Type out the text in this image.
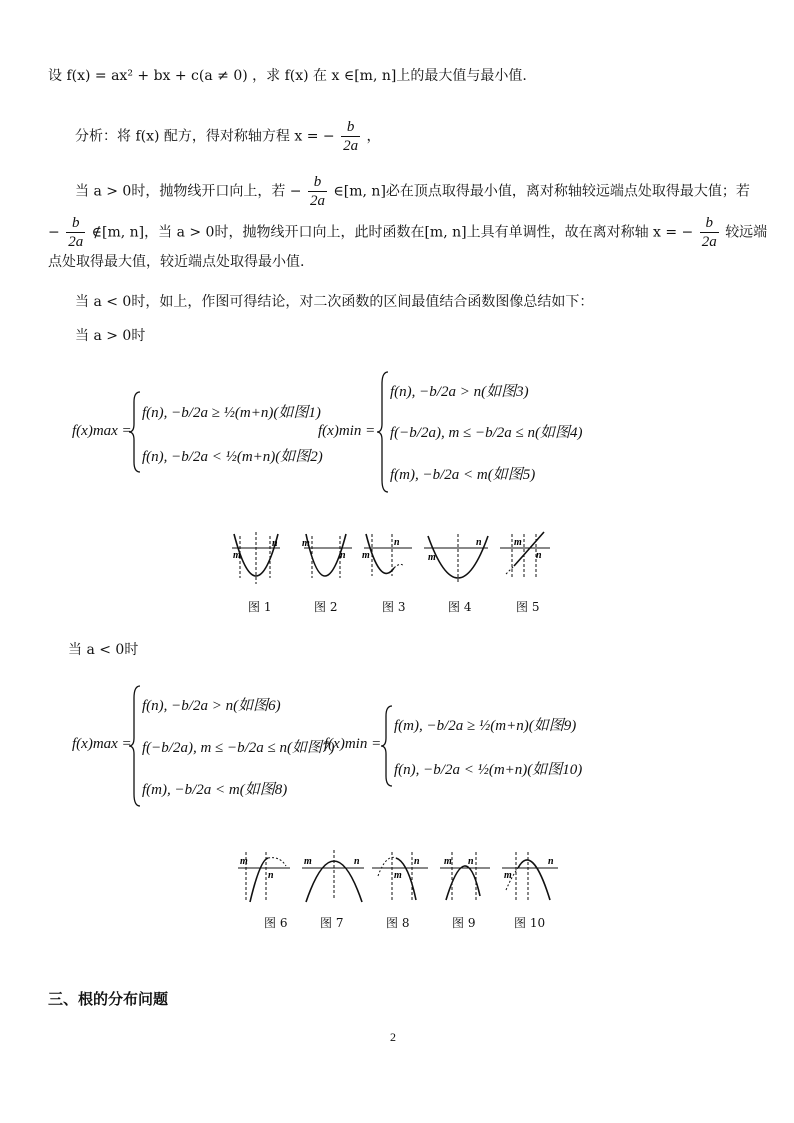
设 f(x) = ax² + bx + c(a ≠ 0) ，求 f(x) 在 x ∈[m, n]上的最大值与最小值.
分析：将 f(x) 配方，得对称轴方程 x = − $\frac{b}{2a}$ ，
当 a > 0时，抛物线开口向上，若 − $\frac{b}{2a}$ ∈[m, n]必在顶点取得最小值，离对称轴较远端点处取得最大值；若
− $\frac{b}{2a}$ ∉[m, n]，当 a > 0时，抛物线开口向上，此时函数在[m, n]上具有单调性，故在离对称轴 x = − $\frac{b}{2a}$ 较远端
点处取得最大值，较近端点处取得最小值.
当 a < 0时，如上，作图可得结论，对二次函数的区间最值结合函数图像总结如下：
当 a > 0时
f(x)max =
f(n), −b/2a ≥ ½(m+n)(如图1)
f(n), −b/2a < ½(m+n)(如图2)
f(x)min =
f(n), −b/2a > n(如图3)
f(−b/2a), m ≤ −b/2a ≤ n(如图4)
f(m), −b/2a < m(如图5)
m
n m
n m
n
m
n	m
n
图 1	图 2	图 3	图 4	图 5
当 a < 0时
f(x)max =
f(n), −b/2a > n(如图6)
f(−b/2a), m ≤ −b/2a ≤ n(如图7)
f(m), −b/2a < m(如图8)
f(x)min =
f(m), −b/2a ≥ ½(m+n)(如图9)
f(n), −b/2a < ½(m+n)(如图10)
m
n
m	n
m
n m n
m
n
图 6	图 7	图 8	图 9	图 10
三、根的分布问题
2
